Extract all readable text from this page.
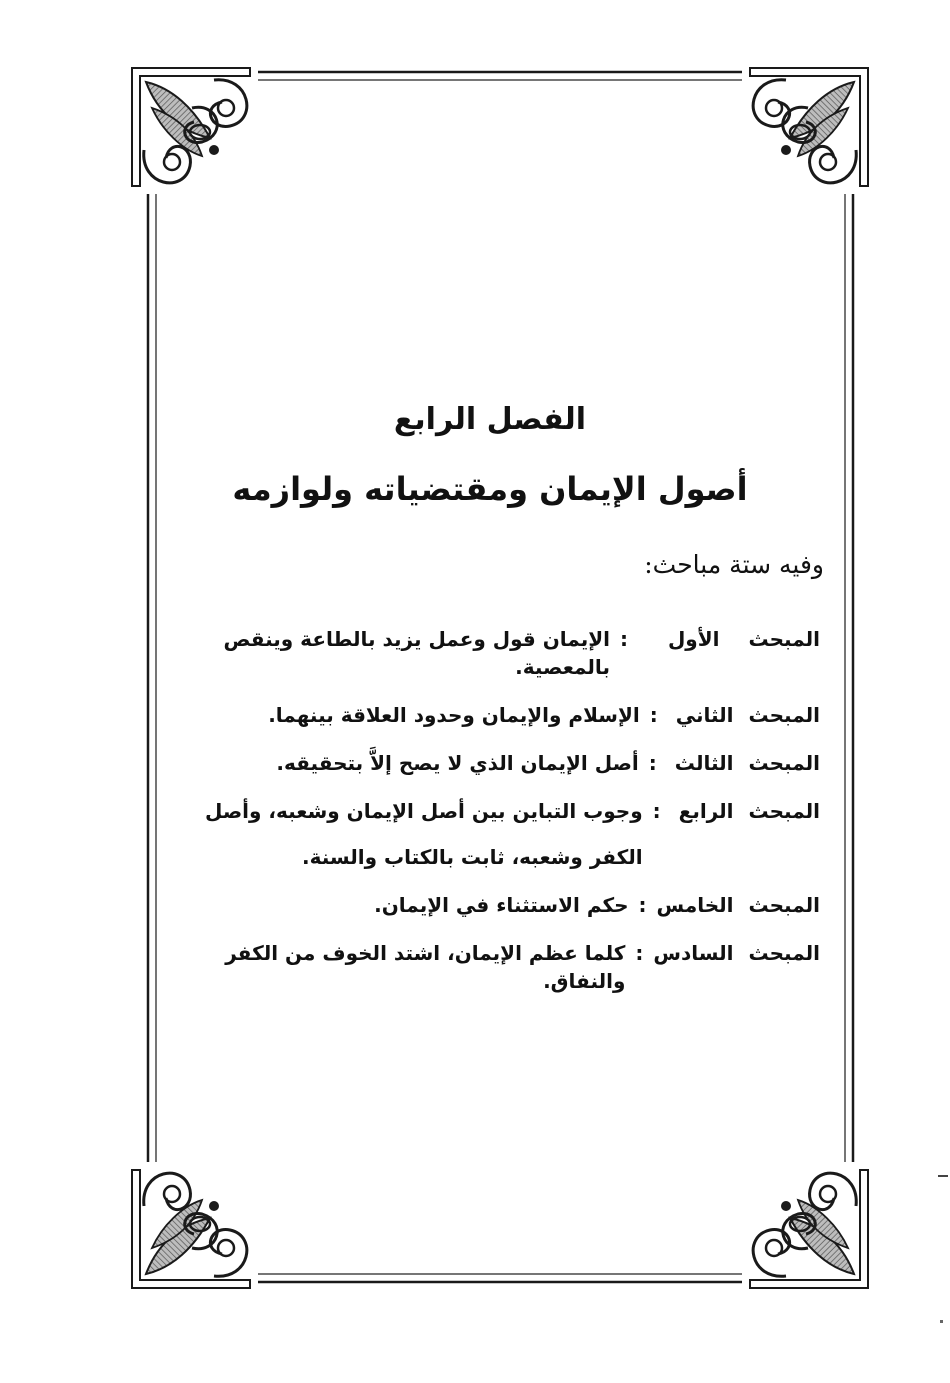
الفصل الرابع
أصول الإيمان ومقتضياته ولوازمه
وفيه ستة مباحث:
المبحث الأول
:
الإيمان قول وعمل يزيد بالطاعة وينقص بالمعصية.
المبحث الثاني
:
الإسلام والإيمان وحدود العلاقة بينهما.
المبحث الثالث
:
أصل الإيمان الذي لا يصح إلاَّ بتحقيقه.
المبحث الرابع
:
وجوب التباين بين أصل الإيمان وشعبه، وأصل
الكفر وشعبه، ثابت بالكتاب والسنة.
المبحث الخامس
:
حكم الاستثناء في الإيمان.
المبحث السادس
:
كلما عظم الإيمان، اشتد الخوف من الكفر والنفاق.
